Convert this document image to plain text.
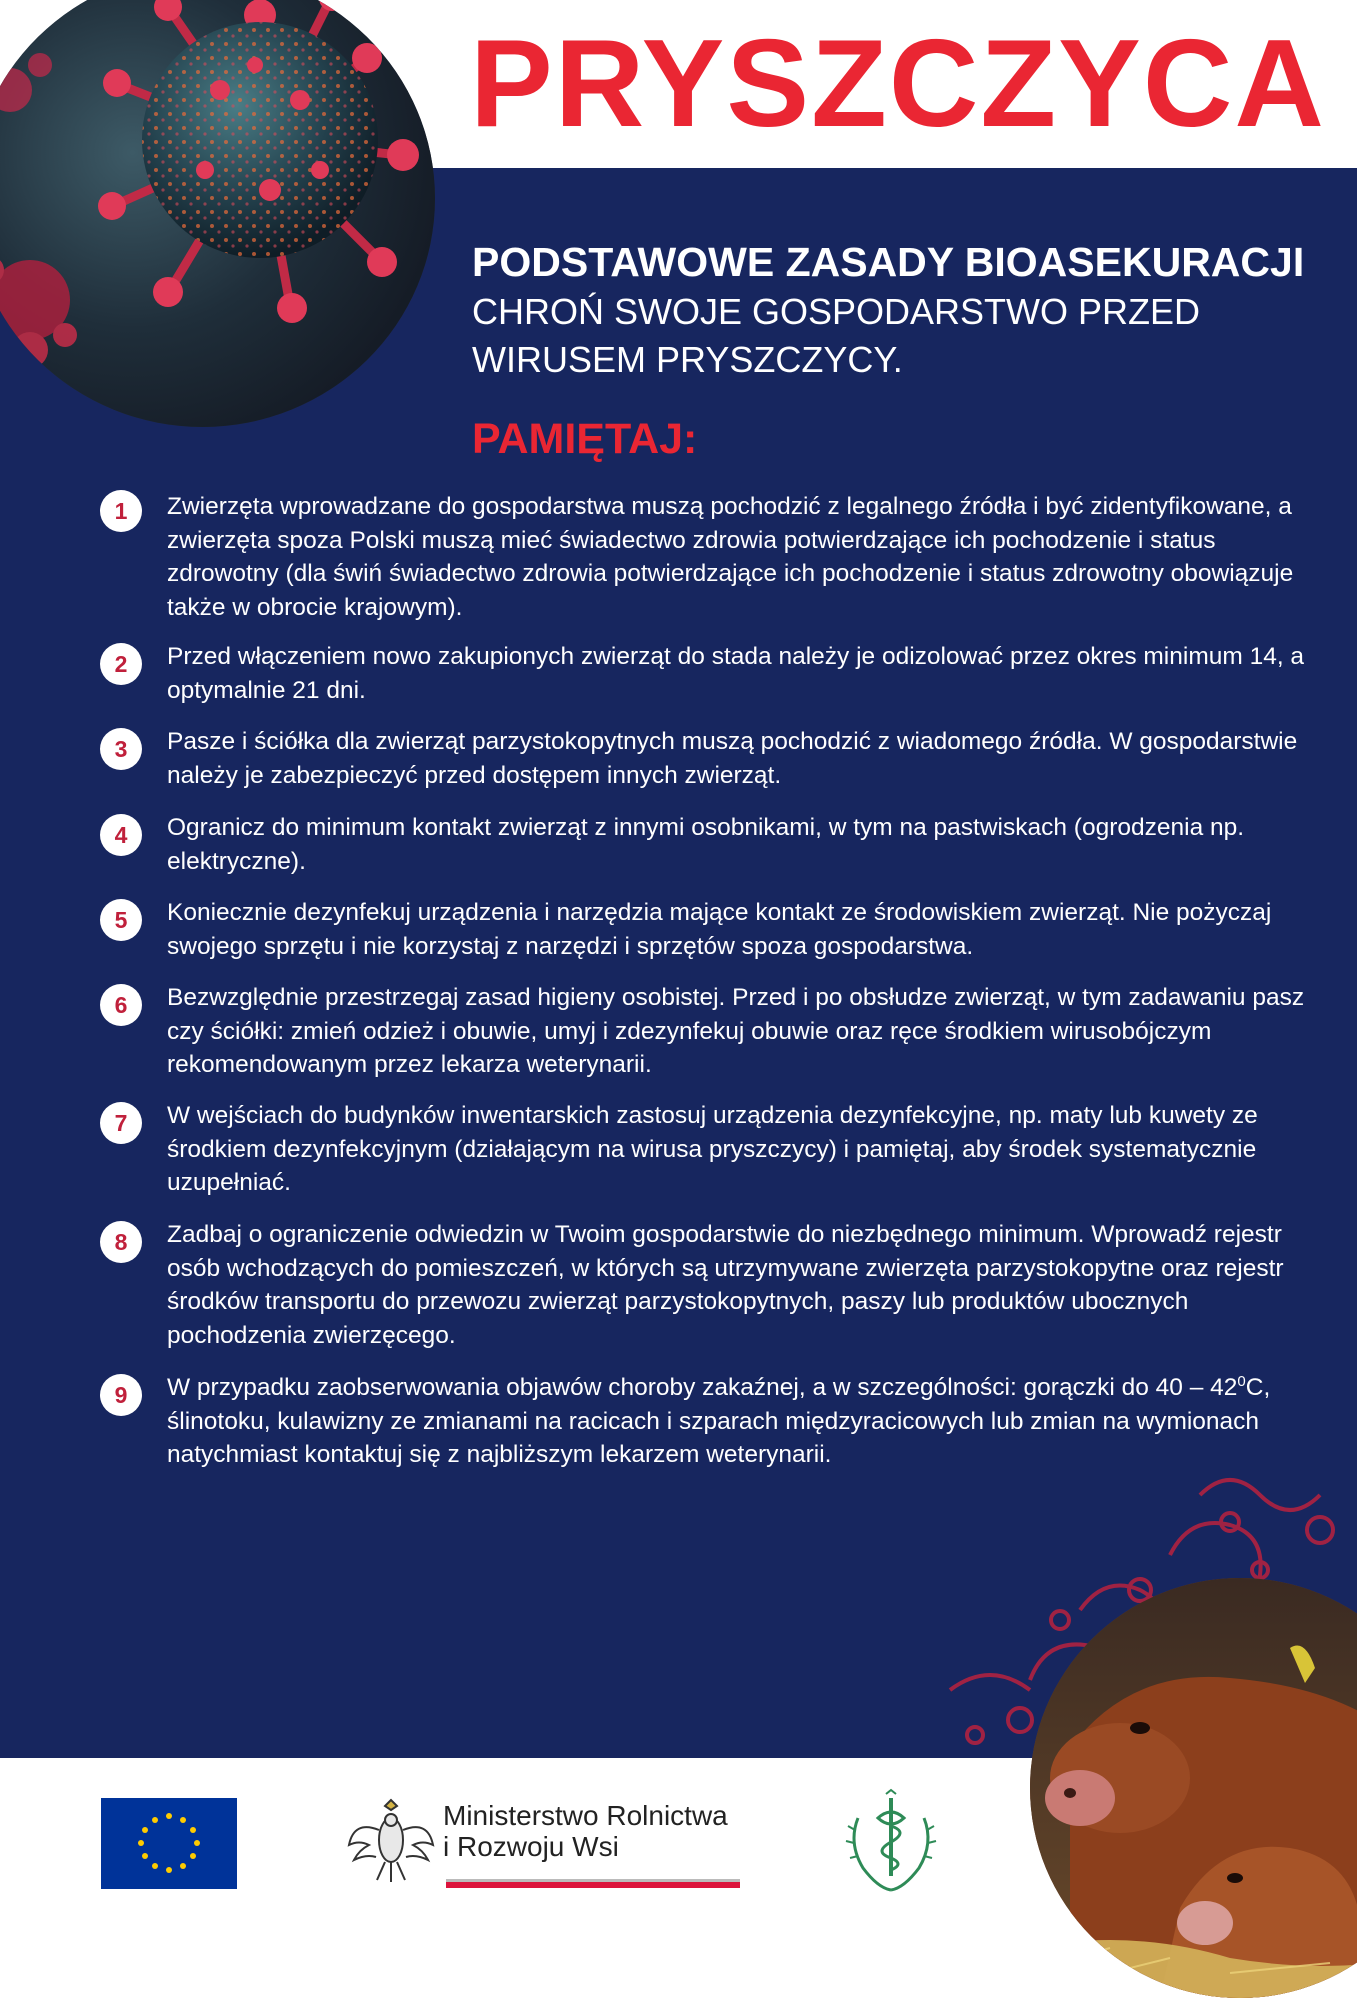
PRYSZCZYCA
PODSTAWOWE ZASADY BIOASEKURACJI

CHROŃ SWOJE GOSPODARSTWO PRZED WIRUSEM PRYSZCZYCY.

PAMIĘTAJ:
1	Zwierzęta wprowadzane do gospodarstwa muszą pochodzić z legalnego źródła i być zidentyfikowane, a zwierzęta spoza Polski muszą mieć świadectwo zdrowia potwierdzające ich pochodzenie i status zdrowotny (dla świń świadectwo zdrowia potwierdzające ich pochodzenie i status zdrowotny obowiązuje także w obrocie krajowym).

2	Przed włączeniem nowo zakupionych zwierząt do stada należy je odizolować przez okres minimum 14, a optymalnie 21 dni.

3	Pasze i ściółka dla zwierząt parzystokopytnych muszą pochodzić z wiadomego źródła. W gospodarstwie należy je zabezpieczyć przed dostępem innych zwierząt.

4	Ogranicz do minimum kontakt zwierząt z innymi osobnikami, w tym na pastwiskach (ogrodzenia np. elektryczne).

5	Koniecznie dezynfekuj urządzenia i narzędzia mające kontakt ze środowiskiem zwierząt. Nie pożyczaj swojego sprzętu i nie korzystaj z narzędzi i sprzętów spoza gospodarstwa.

6	Bezwzględnie przestrzegaj zasad higieny osobistej. Przed i po obsłudze zwierząt, w tym zadawaniu pasz czy ściółki: zmień odzież i obuwie, umyj i zdezynfekuj obuwie oraz ręce środkiem wirusobójczym rekomendowanym przez lekarza weterynarii.

7	W wejściach do budynków inwentarskich zastosuj urządzenia dezynfekcyjne, np. maty lub kuwety ze środkiem dezynfekcyjnym (działającym na wirusa pryszczycy) i pamiętaj, aby środek systematycznie uzupełniać.

8	Zadbaj o ograniczenie odwiedzin w Twoim gospodarstwie do niezbędnego minimum. Wprowadź rejestr osób wchodzących do pomieszczeń, w których są utrzymywane zwierzęta parzystokopytne oraz rejestr środków transportu do przewozu zwierząt parzystokopytnych, paszy lub produktów ubocznych pochodzenia zwierzęcego.

9	W przypadku zaobserwowania objawów choroby zakaźnej, a w szczególności: gorączki do $40 - 42^0C$, ślinotoku, kulawizny ze zmianami na racicach i szparach międzyracicowych lub zmian na wymionach natychmiast kontaktuj się z najbliższym lekarzem weterynarii.

Ministerstwo Rolnictwa
i Rozwoju Wsi
